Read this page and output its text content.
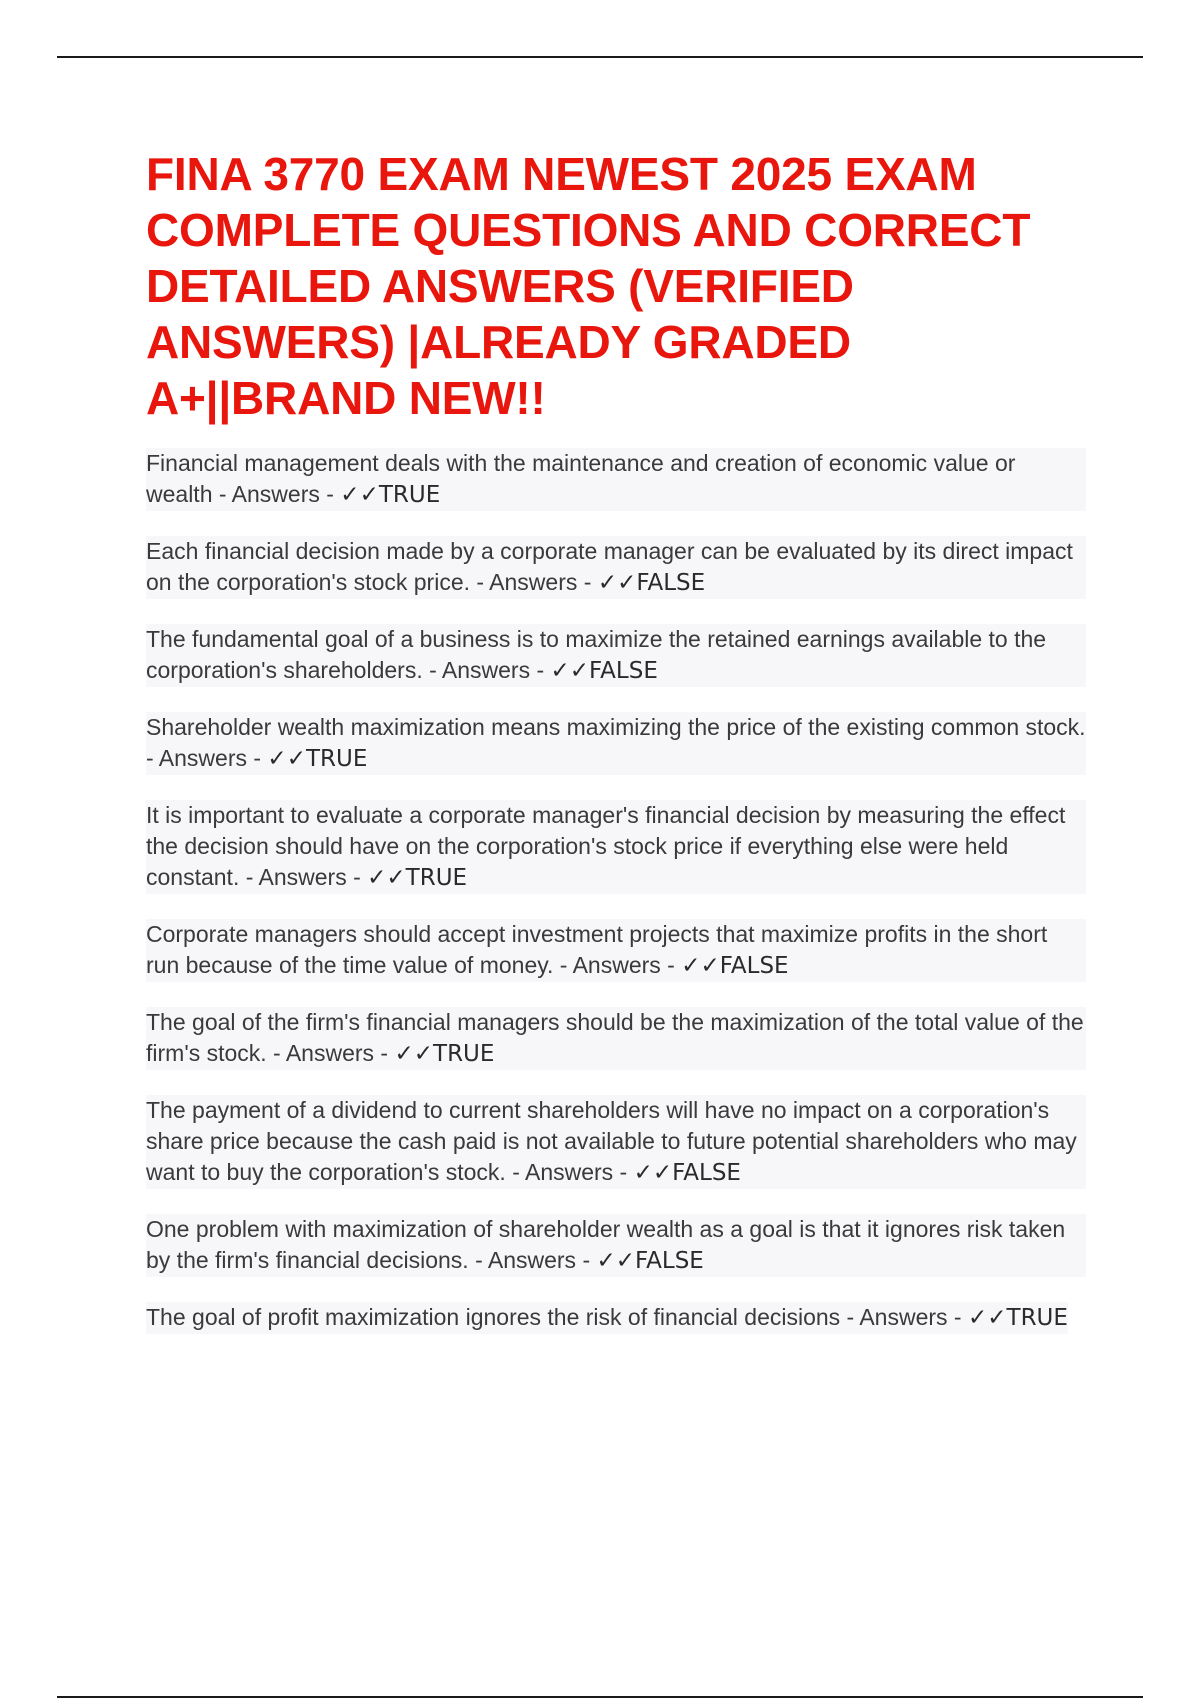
FINA 3770 EXAM NEWEST 2025 EXAM COMPLETE QUESTIONS AND CORRECT DETAILED ANSWERS (VERIFIED ANSWERS) |ALREADY GRADED A+||BRAND NEW!!
Financial management deals with the maintenance and creation of economic value or wealth - Answers - ✓✓TRUE
Each financial decision made by a corporate manager can be evaluated by its direct impact on the corporation's stock price. - Answers - ✓✓FALSE
The fundamental goal of a business is to maximize the retained earnings available to the corporation's shareholders. - Answers - ✓✓FALSE
Shareholder wealth maximization means maximizing the price of the existing common stock. - Answers - ✓✓TRUE
It is important to evaluate a corporate manager's financial decision by measuring the effect the decision should have on the corporation's stock price if everything else were held constant. - Answers - ✓✓TRUE
Corporate managers should accept investment projects that maximize profits in the short run because of the time value of money. - Answers - ✓✓FALSE
The goal of the firm's financial managers should be the maximization of the total value of the firm's stock. - Answers - ✓✓TRUE
The payment of a dividend to current shareholders will have no impact on a corporation's share price because the cash paid is not available to future potential shareholders who may want to buy the corporation's stock. - Answers - ✓✓FALSE
One problem with maximization of shareholder wealth as a goal is that it ignores risk taken by the firm's financial decisions. - Answers - ✓✓FALSE
The goal of profit maximization ignores the risk of financial decisions - Answers - ✓✓TRUE
